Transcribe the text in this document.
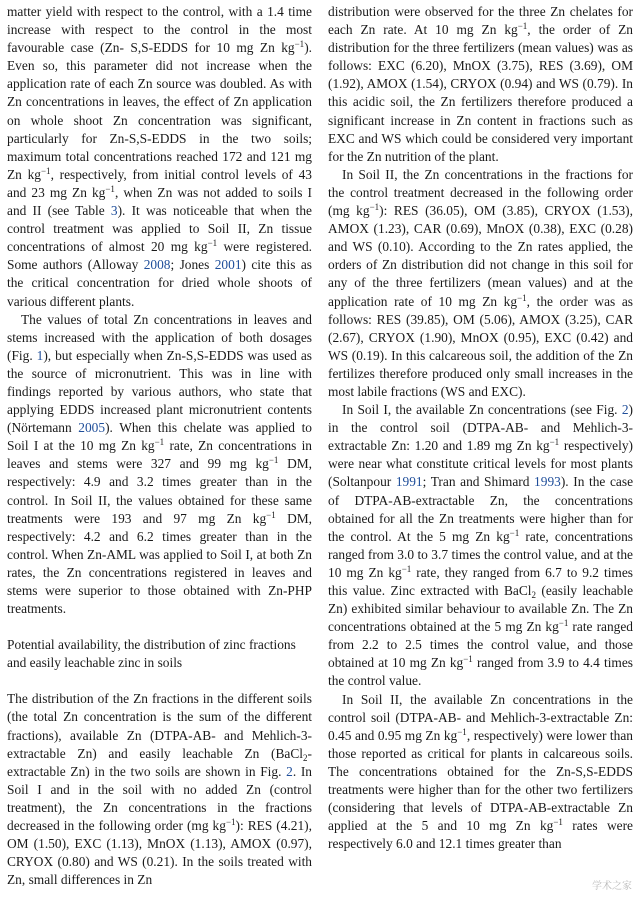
matter yield with respect to the control, with a 1.4 time increase with respect to the control in the most favourable case (Zn- S,S-EDDS for 10 mg Zn $kg^{-1}$). Even so, this parameter did not increase when the application rate of each Zn source was doubled. As with Zn concentrations in leaves, the effect of Zn application on whole shoot Zn concentration was significant, particularly for Zn-S,S-EDDS in the two soils; maximum total concentrations reached 172 and 121 mg Zn $kg^{-1}$, respectively, from initial control levels of 43 and 23 mg Zn $kg^{-1}$, when Zn was not added to soils I and II (see Table 3). It was noticeable that when the control treatment was applied to Soil II, Zn tissue concentrations of almost 20 mg $kg^{-1}$ were registered. Some authors (Alloway 2008; Jones 2001) cite this as the critical concentration for dried whole shoots of various different plants.

The values of total Zn concentrations in leaves and stems increased with the application of both dosages (Fig. 1), but especially when Zn-S,S-EDDS was used as the source of micronutrient. This was in line with findings reported by various authors, who state that applying EDDS increased plant micronutrient contents (Nörtemann 2005). When this chelate was applied to Soil I at the 10 mg Zn $kg^{-1}$ rate, Zn concentrations in leaves and stems were 327 and 99 mg $kg^{-1}$ DM, respectively: 4.9 and 3.2 times greater than in the control. In Soil II, the values obtained for these same treatments were 193 and 97 mg Zn $kg^{-1}$ DM, respectively: 4.2 and 6.2 times greater than in the control. When Zn-AML was applied to Soil I, at both Zn rates, the Zn concentrations registered in leaves and stems were superior to those obtained with Zn-PHP treatments.

Potential availability, the distribution of zinc fractions and easily leachable zinc in soils

The distribution of the Zn fractions in the different soils (the total Zn concentration is the sum of the different fractions), available Zn (DTPA-AB- and Mehlich-3-extractable Zn) and easily leachable Zn (BaCl$_2$-extractable Zn) in the two soils are shown in Fig. 2. In Soil I and in the soil with no added Zn (control treatment), the Zn concentrations in the fractions decreased in the following order (mg $kg^{-1}$): RES (4.21), OM (1.50), EXC (1.13), MnOX (1.13), AMOX (0.97), CRYOX (0.80) and WS (0.21). In the soils treated with Zn, small differences in Zn

distribution were observed for the three Zn chelates for each Zn rate. At 10 mg Zn $kg^{-1}$, the order of Zn distribution for the three fertilizers (mean values) was as follows: EXC (6.20), MnOX (3.75), RES (3.69), OM (1.92), AMOX (1.54), CRYOX (0.94) and WS (0.79). In this acidic soil, the Zn fertilizers therefore produced a significant increase in Zn content in fractions such as EXC and WS which could be considered very important for the Zn nutrition of the plant.

In Soil II, the Zn concentrations in the fractions for the control treatment decreased in the following order (mg $kg^{-1}$): RES (36.05), OM (3.85), CRYOX (1.53), AMOX (1.23), CAR (0.69), MnOX (0.38), EXC (0.28) and WS (0.10). According to the Zn rates applied, the orders of Zn distribution did not change in this soil for any of the three fertilizers (mean values) and at the application rate of 10 mg Zn $kg^{-1}$, the order was as follows: RES (39.85), OM (5.06), AMOX (3.25), CAR (2.67), CRYOX (1.90), MnOX (0.95), EXC (0.42) and WS (0.19). In this calcareous soil, the addition of the Zn fertilizes therefore produced only small increases in the most labile fractions (WS and EXC).

In Soil I, the available Zn concentrations (see Fig. 2) in the control soil (DTPA-AB- and Mehlich-3-extractable Zn: 1.20 and 1.89 mg Zn $kg^{-1}$ respectively) were near what constitute critical levels for most plants (Soltanpour 1991; Tran and Shimard 1993). In the case of DTPA-AB-extractable Zn, the concentrations obtained for all the Zn treatments were higher than for the control. At the 5 mg Zn $kg^{-1}$ rate, concentrations ranged from 3.0 to 3.7 times the control value, and at the 10 mg Zn $kg^{-1}$ rate, they ranged from 6.7 to 9.2 times this value. Zinc extracted with BaCl$_2$ (easily leachable Zn) exhibited similar behaviour to available Zn. The Zn concentrations obtained at the 5 mg Zn $kg^{-1}$ rate ranged from 2.2 to 2.5 times the control value, and those obtained at 10 mg Zn $kg^{-1}$ ranged from 3.9 to 4.4 times the control value.

In Soil II, the available Zn concentrations in the control soil (DTPA-AB- and Mehlich-3-extractable Zn: 0.45 and 0.95 mg Zn $kg^{-1}$, respectively) were lower than those reported as critical for plants in calcareous soils. The concentrations obtained for the Zn-S,S-EDDS treatments were higher than for the other two fertilizers (considering that levels of DTPA-AB-extractable Zn applied at the 5 and 10 mg Zn $kg^{-1}$ rates were respectively 6.0 and 12.1 times greater than

学术之家
